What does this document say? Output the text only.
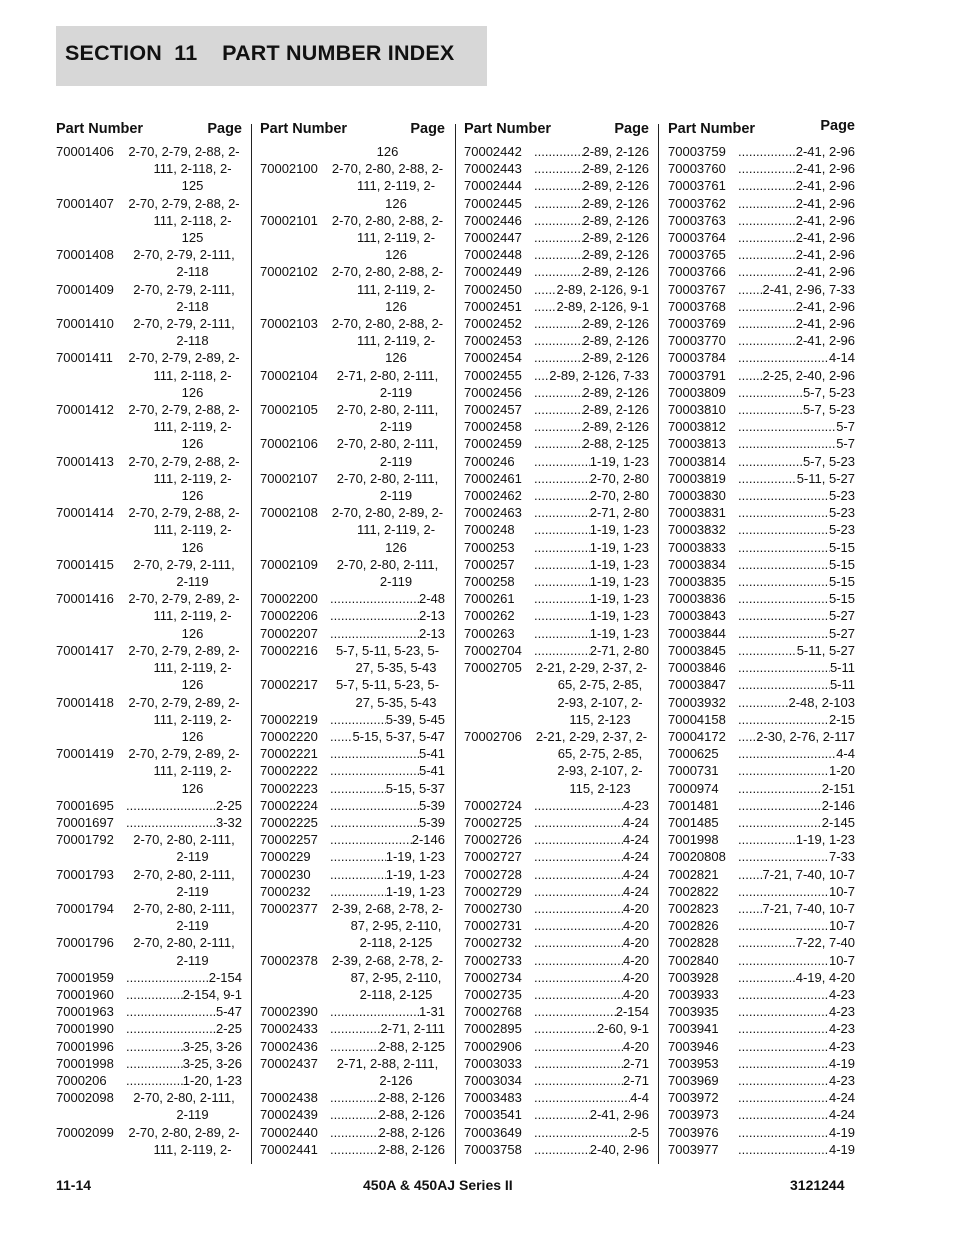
SECTION  11    PART NUMBER INDEX
Part Number	Page
70001406 2-70, 2-79, 2-88, 2-111, 2-118, 2-125
70001407 2-70, 2-79, 2-88, 2-111, 2-118, 2-125
70001408	2-70, 2-79, 2-111, 2-118
70001409	2-70, 2-79, 2-111, 2-118
70001410	2-70, 2-79, 2-111, 2-118
70001411 2-70, 2-79, 2-89, 2-111, 2-118, 2-126
70001412 2-70, 2-79, 2-88, 2-111, 2-119, 2-126
70001413 2-70, 2-79, 2-88, 2-111, 2-119, 2-126
70001414 2-70, 2-79, 2-88, 2-111, 2-119, 2-126
70001415	2-70, 2-79, 2-111, 2-119
70001416 2-70, 2-79, 2-89, 2-111, 2-119, 2-126
70001417 2-70, 2-79, 2-89, 2-111, 2-119, 2-126
70001418 2-70, 2-79, 2-89, 2-111, 2-119, 2-126
70001419 2-70, 2-79, 2-89, 2-111, 2-119, 2-126
70001695 .....	2-25
70001697 .....	3-32
70001792	2-70, 2-80, 2-111, 2-119
70001793	2-70, 2-80, 2-111, 2-119
70001794	2-70, 2-80, 2-111, 2-119
70001796	2-70, 2-80, 2-111, 2-119
70001959 .....	2-154
70001960 .....	2-154, 9-1
70001963 .....	5-47
70001990 .....	2-25
70001996 .....	3-25, 3-26
70001998 .....	3-25, 3-26
7000206 .....	1-20, 1-23
70002098	2-70, 2-80, 2-111, 2-119
70002099 2-70, 2-80, 2-89, 2-111, 2-119, 2-
Part Number	Page
126
70002100 2-70, 2-80, 2-88, 2-111, 2-119, 2-126
70002101 2-70, 2-80, 2-88, 2-111, 2-119, 2-126
70002102 2-70, 2-80, 2-88, 2-111, 2-119, 2-126
70002103 2-70, 2-80, 2-88, 2-111, 2-119, 2-126
70002104	2-71, 2-80, 2-111, 2-119
70002105	2-70, 2-80, 2-111, 2-119
70002106	2-70, 2-80, 2-111, 2-119
70002107	2-70, 2-80, 2-111, 2-119
70002108 2-70, 2-80, 2-89, 2-111, 2-119, 2-126
70002109	2-70, 2-80, 2-111, 2-119
70002200 .....	2-48
70002206 .....	2-13
70002207 .....	2-13
70002216	5-7, 5-11, 5-23, 5-27, 5-35, 5-43
70002217	5-7, 5-11, 5-23, 5-27, 5-35, 5-43
70002219 .....	5-39, 5-45
70002220 .....	5-15, 5-37, 5-47
70002221 .....	5-41
70002222 .....	5-41
70002223 .....	5-15, 5-37
70002224 .....	5-39
70002225 .....	5-39
70002257 .....	2-146
7000229 .....	1-19, 1-23
7000230 .....	1-19, 1-23
7000232 .....	1-19, 1-23
70002377 2-39, 2-68, 2-78, 2-87, 2-95, 2-110, 2-118, 2-125
70002378 2-39, 2-68, 2-78, 2-87, 2-95, 2-110, 2-118, 2-125
70002390 .....	1-31
70002433 .....	2-71, 2-111
70002436 .....	2-88, 2-125
70002437	2-71, 2-88, 2-111, 2-126
70002438 .....	2-88, 2-126
70002439 .....	2-88, 2-126
70002440 .....	2-88, 2-126
70002441 .....	2-88, 2-126
Part Number	Page
70002442 .....	2-89, 2-126
70002443 .....	2-89, 2-126
70002444 .....	2-89, 2-126
70002445 .....	2-89, 2-126
70002446 .....	2-89, 2-126
70002447 .....	2-89, 2-126
70002448 .....	2-89, 2-126
70002449 .....	2-89, 2-126
70002450 .....	2-89, 2-126, 9-1
70002451 .....	2-89, 2-126, 9-1
70002452 .....	2-89, 2-126
70002453 .....	2-89, 2-126
70002454 .....	2-89, 2-126
70002455 ..... 2-89, 2-126, 7-33
70002456 .....	2-89, 2-126
70002457 .....	2-89, 2-126
70002458 .....	2-89, 2-126
70002459 .....	2-88, 2-125
7000246 .....	1-19, 1-23
70002461 .....	2-70, 2-80
70002462 .....	2-70, 2-80
70002463 .....	2-71, 2-80
7000248 .....	1-19, 1-23
7000253 .....	1-19, 1-23
7000257 .....	1-19, 1-23
7000258 .....	1-19, 1-23
7000261 .....	1-19, 1-23
7000262 .....	1-19, 1-23
7000263 .....	1-19, 1-23
70002704 .....	2-71, 2-80
70002705 2-21, 2-29, 2-37, 2-65, 2-75, 2-85, 2-93, 2-107, 2-115, 2-123
70002706 2-21, 2-29, 2-37, 2-65, 2-75, 2-85, 2-93, 2-107, 2-115, 2-123
70002724 .....	4-23
70002725 .....	4-24
70002726 .....	4-24
70002727 .....	4-24
70002728 .....	4-24
70002729 .....	4-24
70002730 .....	4-20
70002731 .....	4-20
70002732 .....	4-20
70002733 .....	4-20
70002734 .....	4-20
70002735 .....	4-20
70002768 .....	2-154
70002895 .....	2-60, 9-1
70002906 .....	4-20
70003033 .....	2-71
70003034 .....	2-71
70003483 .....	4-4
70003541 .....	2-41, 2-96
70003649 .....	2-5
70003758 .....	2-40, 2-96
Part Number	Page
70003759 .....	2-41, 2-96
70003760 .....	2-41, 2-96
70003761 .....	2-41, 2-96
70003762 .....	2-41, 2-96
70003763 .....	2-41, 2-96
70003764 .....	2-41, 2-96
70003765 .....	2-41, 2-96
70003766 .....	2-41, 2-96
70003767 .....	2-41, 2-96, 7-33
70003768 .....	2-41, 2-96
70003769 .....	2-41, 2-96
70003770 .....	2-41, 2-96
70003784 .....	4-14
70003791 .....	2-25, 2-40, 2-96
70003809 .....	5-7, 5-23
70003810 .....	5-7, 5-23
70003812 .....	5-7
70003813 .....	5-7
70003814 .....	5-7, 5-23
70003819 .....	5-11, 5-27
70003830 .....	5-23
70003831 .....	5-23
70003832 .....	5-23
70003833 .....	5-15
70003834 .....	5-15
70003835 .....	5-15
70003836 .....	5-15
70003843 .....	5-27
70003844 .....	5-27
70003845 .....	5-11, 5-27
70003846 .....	5-11
70003847 .....	5-11
70003932 .....	2-48, 2-103
70004158 .....	2-15
70004172 ..... 2-30, 2-76, 2-117
7000625 .....	4-4
7000731 .....	1-20
7000974 .....	2-151
7001481 .....	2-146
7001485 .....	2-145
7001998 .....	1-19, 1-23
70020808 .....	7-33
7002821 .....	7-21, 7-40, 10-7
7002822 .....	10-7
7002823 .....	7-21, 7-40, 10-7
7002826 .....	10-7
7002828 .....	7-22, 7-40
7002840 .....	10-7
7003928 .....	4-19, 4-20
7003933 .....	4-23
7003935 .....	4-23
7003941 .....	4-23
7003946 .....	4-23
7003953 .....	4-19
7003969 .....	4-23
7003972 .....	4-24
7003973 .....	4-24
7003976 .....	4-19
7003977 .....	4-19
11-14	450A & 450AJ Series II	3121244
